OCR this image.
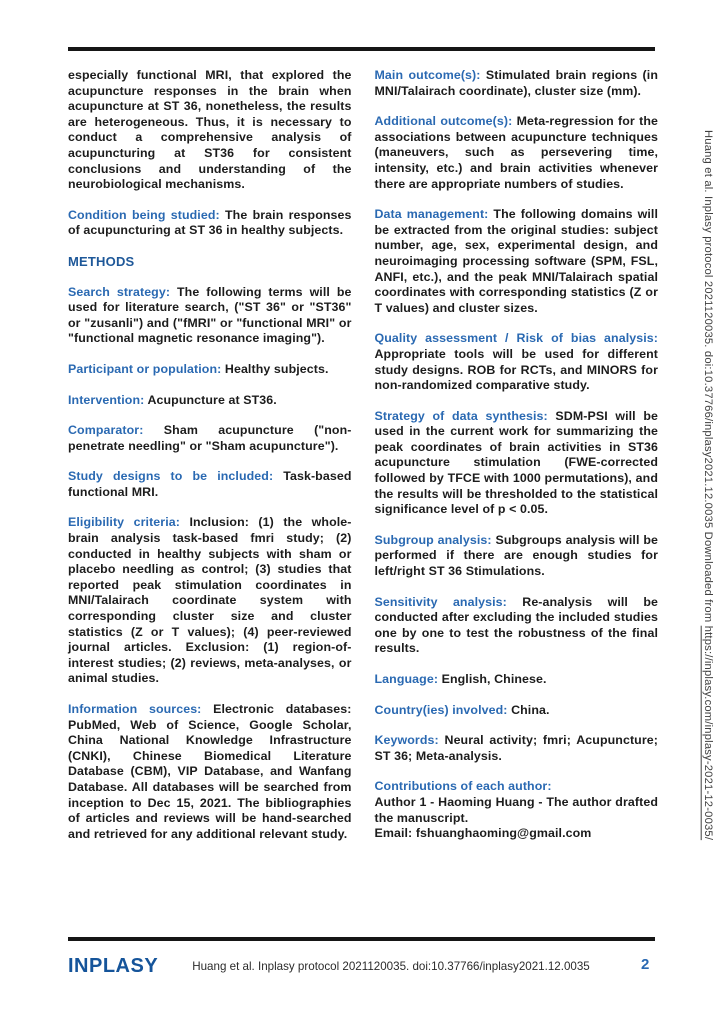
especially functional MRI, that explored the acupuncture responses in the brain when acupuncture at ST 36, nonetheless, the results are heterogeneous. Thus, it is necessary to conduct a comprehensive analysis of acupuncturing at ST36 for consistent conclusions and understanding of the neurobiological mechanisms.

Condition being studied: The brain responses of acupuncturing at ST 36 in healthy subjects.

METHODS

Search strategy: The following terms will be used for literature search, ("ST 36" or "ST36" or "zusanli") and ("fMRI" or "functional MRI" or "functional magnetic resonance imaging").

Participant or population: Healthy subjects.

Intervention: Acupuncture at ST36.

Comparator: Sham acupuncture ("non-penetrate needling" or "Sham acupuncture").

Study designs to be included: Task-based functional MRI.

Eligibility criteria: Inclusion: (1) the whole-brain analysis task-based fmri study; (2) conducted in healthy subjects with sham or placebo needling as control; (3) studies that reported peak stimulation coordinates in MNI/Talairach coordinate system with corresponding cluster size and cluster statistics (Z or T values); (4) peer-reviewed journal articles. Exclusion: (1) region-of-interest studies; (2) reviews, meta-analyses, or animal studies.

Information sources: Electronic databases: PubMed, Web of Science, Google Scholar, China National Knowledge Infrastructure (CNKI), Chinese Biomedical Literature Database (CBM), VIP Database, and Wanfang Database. All databases will be searched from inception to Dec 15, 2021. The bibliographies of articles and reviews will be hand-searched and retrieved for any additional relevant study.

Main outcome(s): Stimulated brain regions (in MNI/Talairach coordinate), cluster size (mm).

Additional outcome(s): Meta-regression for the associations between acupuncture techniques (maneuvers, such as persevering time, intensity, etc.) and brain activities whenever there are appropriate numbers of studies.

Data management: The following domains will be extracted from the original studies: subject number, age, sex, experimental design, and neuroimaging processing software (SPM, FSL, ANFI, etc.), and the peak MNI/Talairach spatial coordinates with corresponding statistics (Z or T values) and cluster sizes.

Quality assessment / Risk of bias analysis: Appropriate tools will be used for different study designs. ROB for RCTs, and MINORS for non-randomized comparative study.

Strategy of data synthesis: SDM-PSI will be used in the current work for summarizing the peak coordinates of brain activities in ST36 acupuncture stimulation (FWE-corrected followed by TFCE with 1000 permutations), and the results will be thresholded to the statistical significance level of p < 0.05.

Subgroup analysis: Subgroups analysis will be performed if there are enough studies for left/right ST 36 Stimulations.

Sensitivity analysis: Re-analysis will be conducted after excluding the included studies one by one to test the robustness of the final results.

Language: English, Chinese.

Country(ies) involved: China.

Keywords: Neural activity; fmri; Acupuncture; ST 36; Meta-analysis.

Contributions of each author:
Author 1 - Haoming Huang - The author drafted the manuscript.
Email: fshuanghaoming@gmail.com

INPLASY	Huang et al. Inplasy protocol 2021120035. doi:10.37766/inplasy2021.12.0035	2
Huang et al. Inplasy protocol 2021120035. doi:10.37766/inplasy2021.12.0035 Downloaded from https://inplasy.com/inplasy-2021-12-0035/
